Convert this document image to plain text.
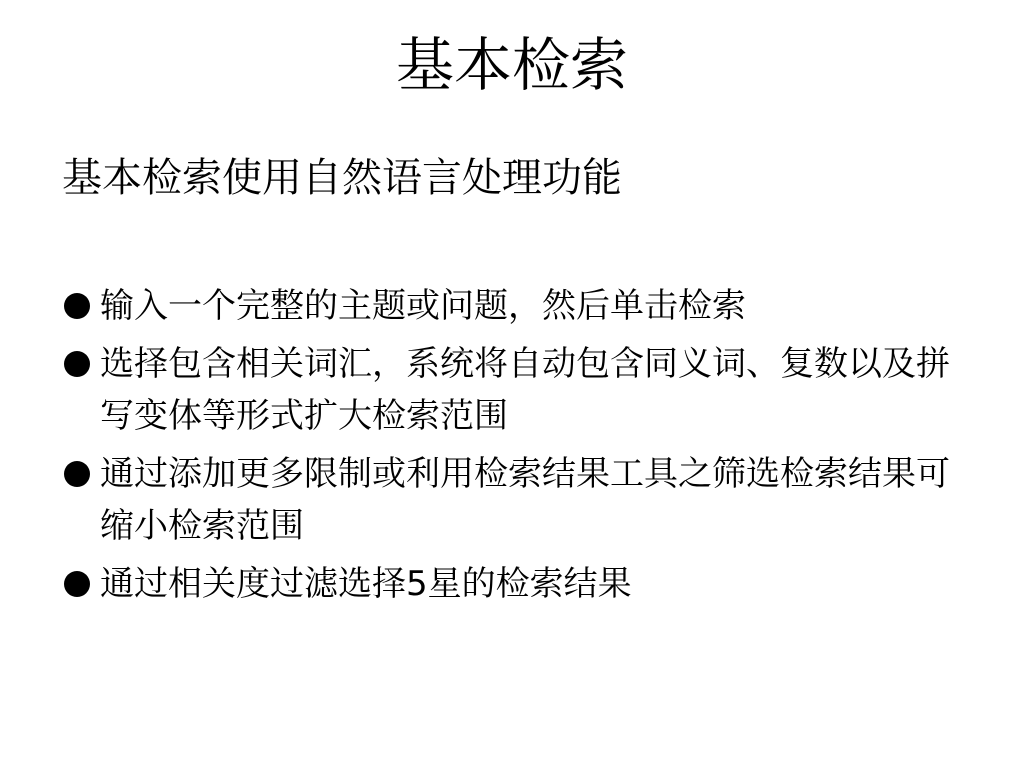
基本检索

基本检索使用自然语言处理功能

输入一个完整的主题或问题，然后单击检索
选择包含相关词汇，系统将自动包含同义词、复数以及拼写变体等形式扩大检索范围
通过添加更多限制或利用检索结果工具之筛选检索结果可缩小检索范围
通过相关度过滤选择5星的检索结果
